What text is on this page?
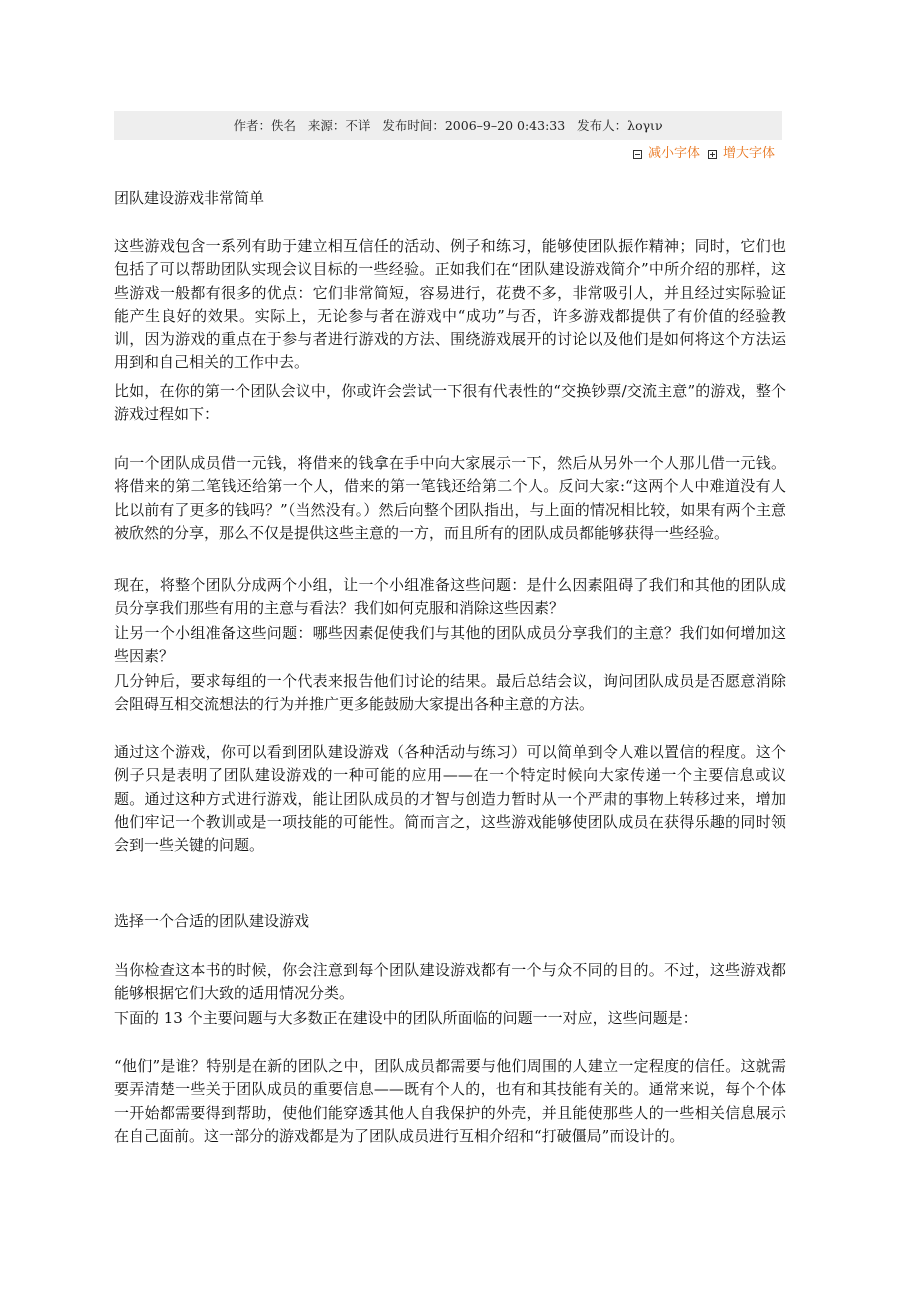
作者：佚名 来源：不详 发布时间：2006–9–20 0:43:33 发布人：λογιν
减小字体 增大字体

团队建设游戏非常简单

这些游戏包含一系列有助于建立相互信任的活动、例子和练习，能够使团队振作精神；同时，它们也包括了可以帮助团队实现会议目标的一些经验。正如我们在“团队建设游戏简介”中所介绍的那样，这些游戏一般都有很多的优点：它们非常简短，容易进行，花费不多，非常吸引人，并且经过实际验证能产生良好的效果。实际上，无论参与者在游戏中“成功”与否，许多游戏都提供了有价值的经验教训，因为游戏的重点在于参与者进行游戏的方法、围绕游戏展开的讨论以及他们是如何将这个方法运用到和自己相关的工作中去。

比如，在你的第一个团队会议中，你或许会尝试一下很有代表性的“交换钞票/交流主意”的游戏，整个游戏过程如下：

向一个团队成员借一元钱，将借来的钱拿在手中向大家展示一下，然后从另外一个人那儿借一元钱。将借来的第二笔钱还给第一个人，借来的第一笔钱还给第二个人。反问大家:“这两个人中难道没有人比以前有了更多的钱吗？”（当然没有。）然后向整个团队指出，与上面的情况相比较，如果有两个主意被欣然的分享，那么不仅是提供这些主意的一方，而且所有的团队成员都能够获得一些经验。

现在，将整个团队分成两个小组，让一个小组准备这些问题：是什么因素阻碍了我们和其他的团队成员分享我们那些有用的主意与看法？我们如何克服和消除这些因素？

让另一个小组准备这些问题：哪些因素促使我们与其他的团队成员分享我们的主意？我们如何增加这些因素？

几分钟后，要求每组的一个代表来报告他们讨论的结果。最后总结会议，询问团队成员是否愿意消除会阻碍互相交流想法的行为并推广更多能鼓励大家提出各种主意的方法。

通过这个游戏，你可以看到团队建设游戏（各种活动与练习）可以简单到令人难以置信的程度。这个例子只是表明了团队建设游戏的一种可能的应用——在一个特定时候向大家传递一个主要信息或议题。通过这种方式进行游戏，能让团队成员的才智与创造力暂时从一个严肃的事物上转移过来，增加他们牢记一个教训或是一项技能的可能性。简而言之，这些游戏能够使团队成员在获得乐趣的同时领会到一些关键的问题。

选择一个合适的团队建设游戏

当你检查这本书的时候，你会注意到每个团队建设游戏都有一个与众不同的目的。不过，这些游戏都能够根据它们大致的适用情况分类。

下面的 13 个主要问题与大多数正在建设中的团队所面临的问题一一对应，这些问题是：

“他们”是谁？特别是在新的团队之中，团队成员都需要与他们周围的人建立一定程度的信任。这就需要弄清楚一些关于团队成员的重要信息——既有个人的，也有和其技能有关的。通常来说，每个个体一开始都需要得到帮助，使他们能穿透其他人自我保护的外壳，并且能使那些人的一些相关信息展示在自己面前。这一部分的游戏都是为了团队成员进行互相介绍和“打破僵局”而设计的。
